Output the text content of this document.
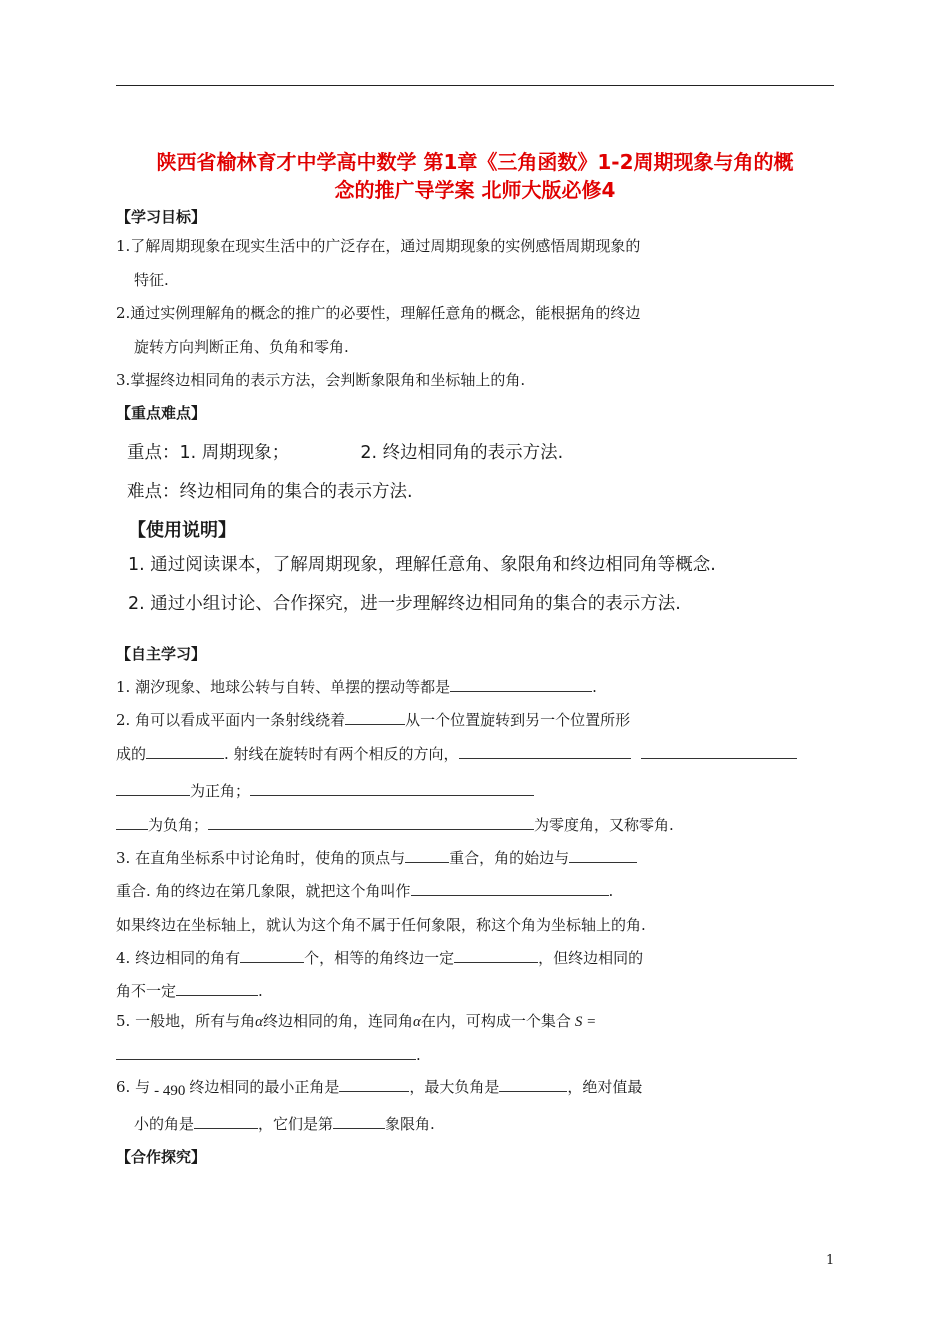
陕西省榆林育才中学高中数学 第1章《三角函数》1-2周期现象与角的概
念的推广导学案 北师大版必修4
【学习目标】
1.了解周期现象在现实生活中的广泛存在，通过周期现象的实例感悟周期现象的
特征.
2.通过实例理解角的概念的推广的必要性，理解任意角的概念，能根据角的终边
旋转方向判断正角、负角和零角.
3.掌握终边相同角的表示方法，会判断象限角和坐标轴上的角.
【重点难点】
重点：1. 周期现象；	2. 终边相同角的表示方法.
难点：终边相同角的集合的表示方法.
【使用说明】
1. 通过阅读课本，了解周期现象，理解任意角、象限角和终边相同角等概念.
2. 通过小组讨论、合作探究，进一步理解终边相同角的集合的表示方法.
【自主学习】
1. 潮汐现象、地球公转与自转、单摆的摆动等都是	.
2. 角可以看成平面内一条射线绕着	从一个位置旋转到另一个位置所形
成的	. 射线在旋转时有两个相反的方向，
为正角；
为负角；	为零度角，又称零角.
3. 在直角坐标系中讨论角时，使角的顶点与	重合，角的始边与
重合. 角的终边在第几象限，就把这个角叫作	.
如果终边在坐标轴上，就认为这个角不属于任何象限，称这个角为坐标轴上的角.
4. 终边相同的角有	个，相等的角终边一定	，但终边相同的
角不一定	.
5. 一般地，所有与角α终边相同的角，连同角α在内，可构成一个集合 S =
.
6. 与 - 490 终边相同的最小正角是	，最大负角是	，绝对值最
小的角是	，它们是第	象限角.
【合作探究】
1
